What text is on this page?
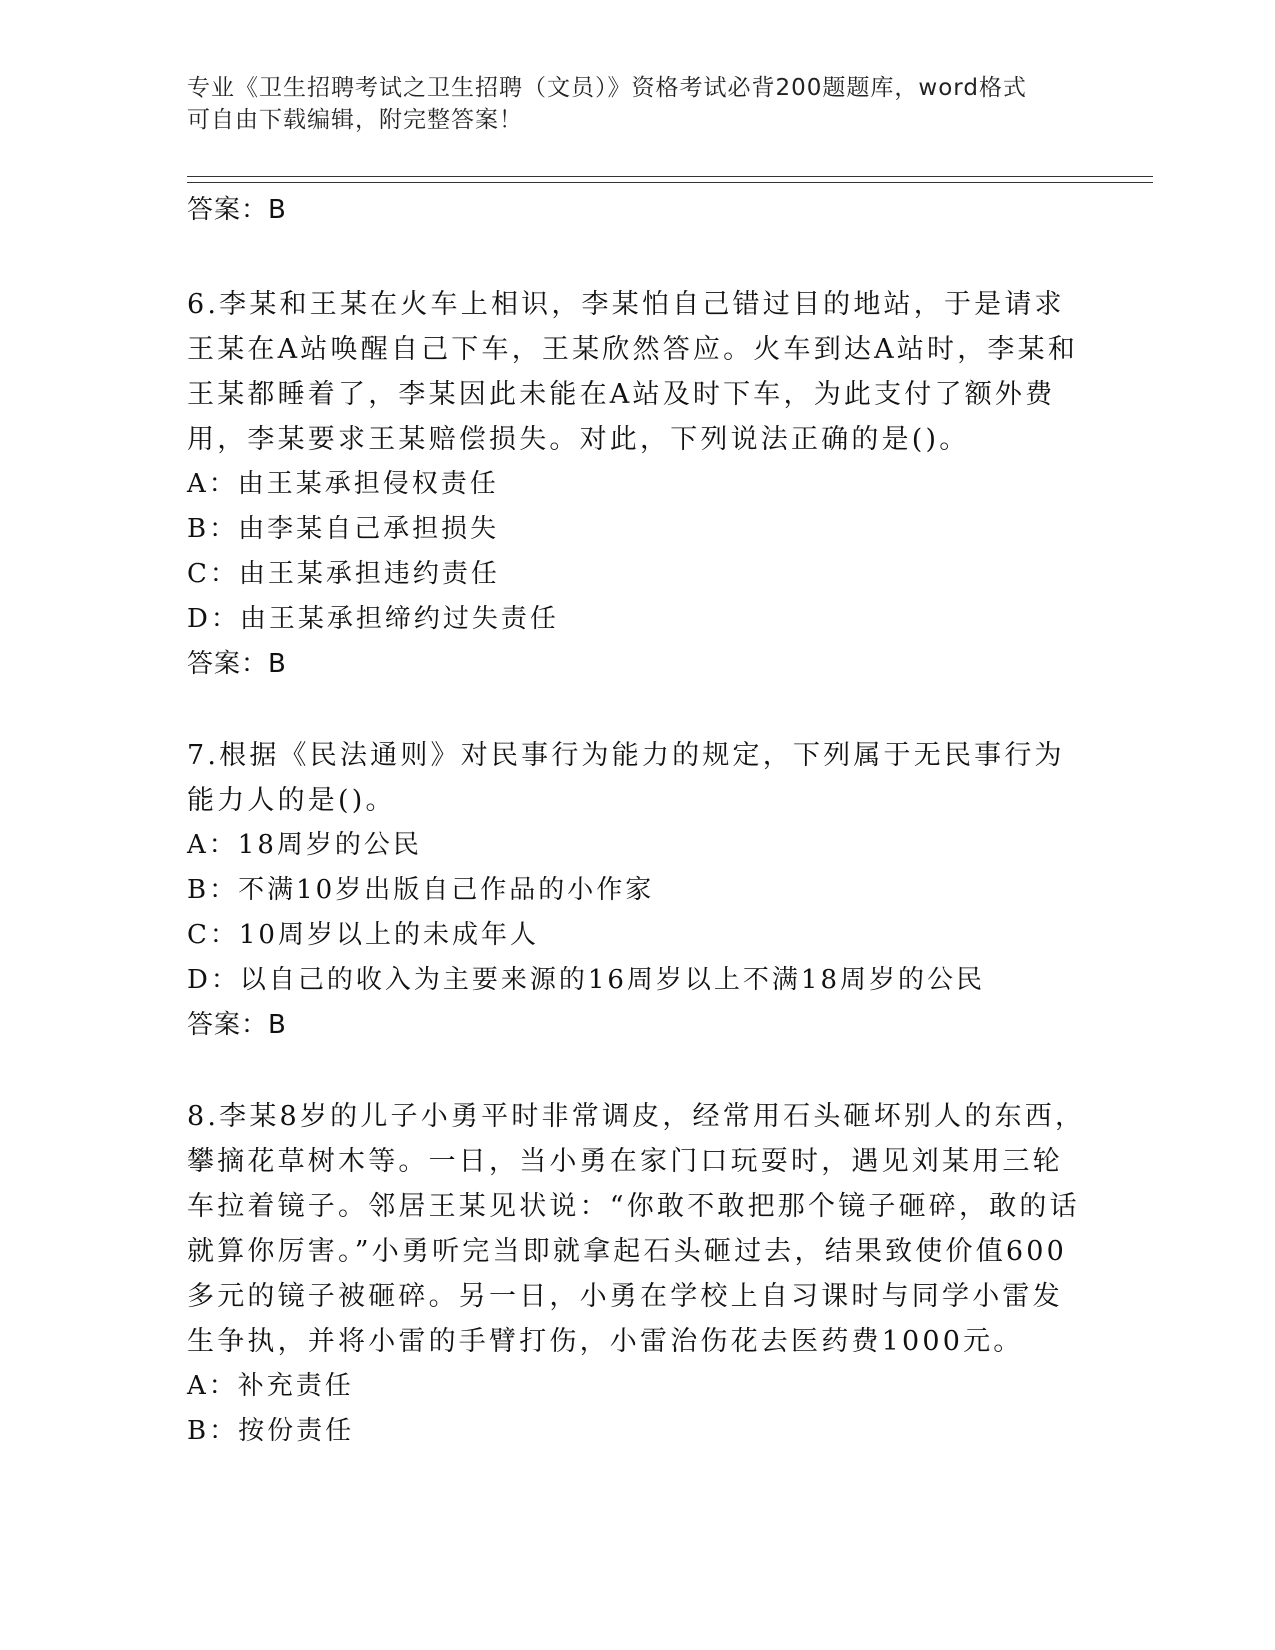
专业《卫生招聘考试之卫生招聘（文员）》资格考试必背200题题库，word格式
可自由下载编辑，附完整答案！
答案：B
6.李某和王某在火车上相识，李某怕自己错过目的地站，于是请求王某在A站唤醒自己下车，王某欣然答应。火车到达A站时，李某和王某都睡着了，李某因此未能在A站及时下车，为此支付了额外费用，李某要求王某赔偿损失。对此，下列说法正确的是()。
A：由王某承担侵权责任
B：由李某自己承担损失
C：由王某承担违约责任
D：由王某承担缔约过失责任
答案：B
7.根据《民法通则》对民事行为能力的规定，下列属于无民事行为能力人的是()。
A：18周岁的公民
B：不满10岁出版自己作品的小作家
C：10周岁以上的未成年人
D：以自己的收入为主要来源的16周岁以上不满18周岁的公民
答案：B
8.李某8岁的儿子小勇平时非常调皮，经常用石头砸坏别人的东西，攀摘花草树木等。一日，当小勇在家门口玩耍时，遇见刘某用三轮车拉着镜子。邻居王某见状说：“你敢不敢把那个镜子砸碎，敢的话就算你厉害。”小勇听完当即就拿起石头砸过去，结果致使价值600多元的镜子被砸碎。另一日，小勇在学校上自习课时与同学小雷发生争执，并将小雷的手臂打伤，小雷治伤花去医药费1000元。
A：补充责任
B：按份责任
